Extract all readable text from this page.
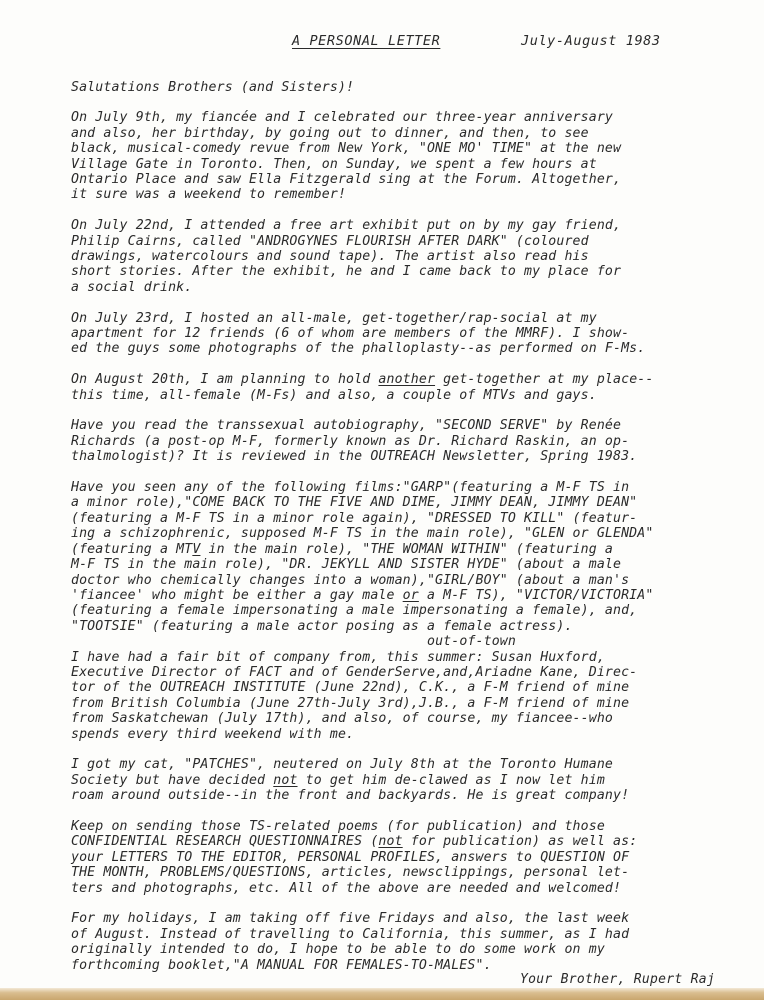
A PERSONAL LETTER	July-August 1983
Salutations Brothers (and Sisters)!
On July 9th, my fiancée and I celebrated our three-year anniversary
and also, her birthday, by going out to dinner, and then, to see
black, musical-comedy revue from New York, "ONE MO' TIME" at the new
Village Gate in Toronto. Then, on Sunday, we spent a few hours at
Ontario Place and saw Ella Fitzgerald sing at the Forum. Altogether,
it sure was a weekend to remember!
On July 22nd, I attended a free art exhibit put on by my gay friend,
Philip Cairns, called "ANDROGYNES FLOURISH AFTER DARK" (coloured
drawings, watercolours and sound tape). The artist also read his
short stories. After the exhibit, he and I came back to my place for
a social drink.
On July 23rd, I hosted an all-male, get-together/rap-social at my
apartment for 12 friends (6 of whom are members of the MMRF). I show-
ed the guys some photographs of the phalloplasty--as performed on F-Ms.
On August 20th, I am planning to hold another get-together at my place--
this time, all-female (M-Fs) and also, a couple of MTVs and gays.
Have you read the transsexual autobiography, "SECOND SERVE" by Renée
Richards (a post-op M-F, formerly known as Dr. Richard Raskin, an op-
thalmologist)? It is reviewed in the OUTREACH Newsletter, Spring 1983.
Have you seen any of the following films:"GARP"(featuring a M-F TS in
a minor role),"COME BACK TO THE FIVE AND DIME, JIMMY DEAN, JIMMY DEAN"
(featuring a M-F TS in a minor role again), "DRESSED TO KILL" (featur-
ing a schizophrenic, supposed M-F TS in the main role), "GLEN or GLENDA"
(featuring a MTV in the main role), "THE WOMAN WITHIN" (featuring a
M-F TS in the main role), "DR. JEKYLL AND SISTER HYDE" (about a male
doctor who chemically changes into a woman),"GIRL/BOY" (about a man's
'fiancee' who might be either a gay male or a M-F TS), "VICTOR/VICTORIA"
(featuring a female impersonating a male impersonating a female), and,
"TOOTSIE" (featuring a male actor posing as a female actress).
out-of-town
I have had a fair bit of company from, this summer: Susan Huxford,
Executive Director of FACT and of GenderServe,and,Ariadne Kane, Direc-
tor of the OUTREACH INSTITUTE (June 22nd), C.K., a F-M friend of mine
from British Columbia (June 27th-July 3rd),J.B., a F-M friend of mine
from Saskatchewan (July 17th), and also, of course, my fiancee--who
spends every third weekend with me.
I got my cat, "PATCHES", neutered on July 8th at the Toronto Humane
Society but have decided not to get him de-clawed as I now let him
roam around outside--in the front and backyards. He is great company!
Keep on sending those TS-related poems (for publication) and those
CONFIDENTIAL RESEARCH QUESTIONNAIRES (not for publication) as well as:
your LETTERS TO THE EDITOR, PERSONAL PROFILES, answers to QUESTION OF
THE MONTH, PROBLEMS/QUESTIONS, articles, newsclippings, personal let-
ters and photographs, etc. All of the above are needed and welcomed!
For my holidays, I am taking off five Fridays and also, the last week
of August. Instead of travelling to California, this summer, as I had
originally intended to do, I hope to be able to do some work on my
forthcoming booklet,"A MANUAL FOR FEMALES-TO-MALES".
Your Brother, Rupert Raj
